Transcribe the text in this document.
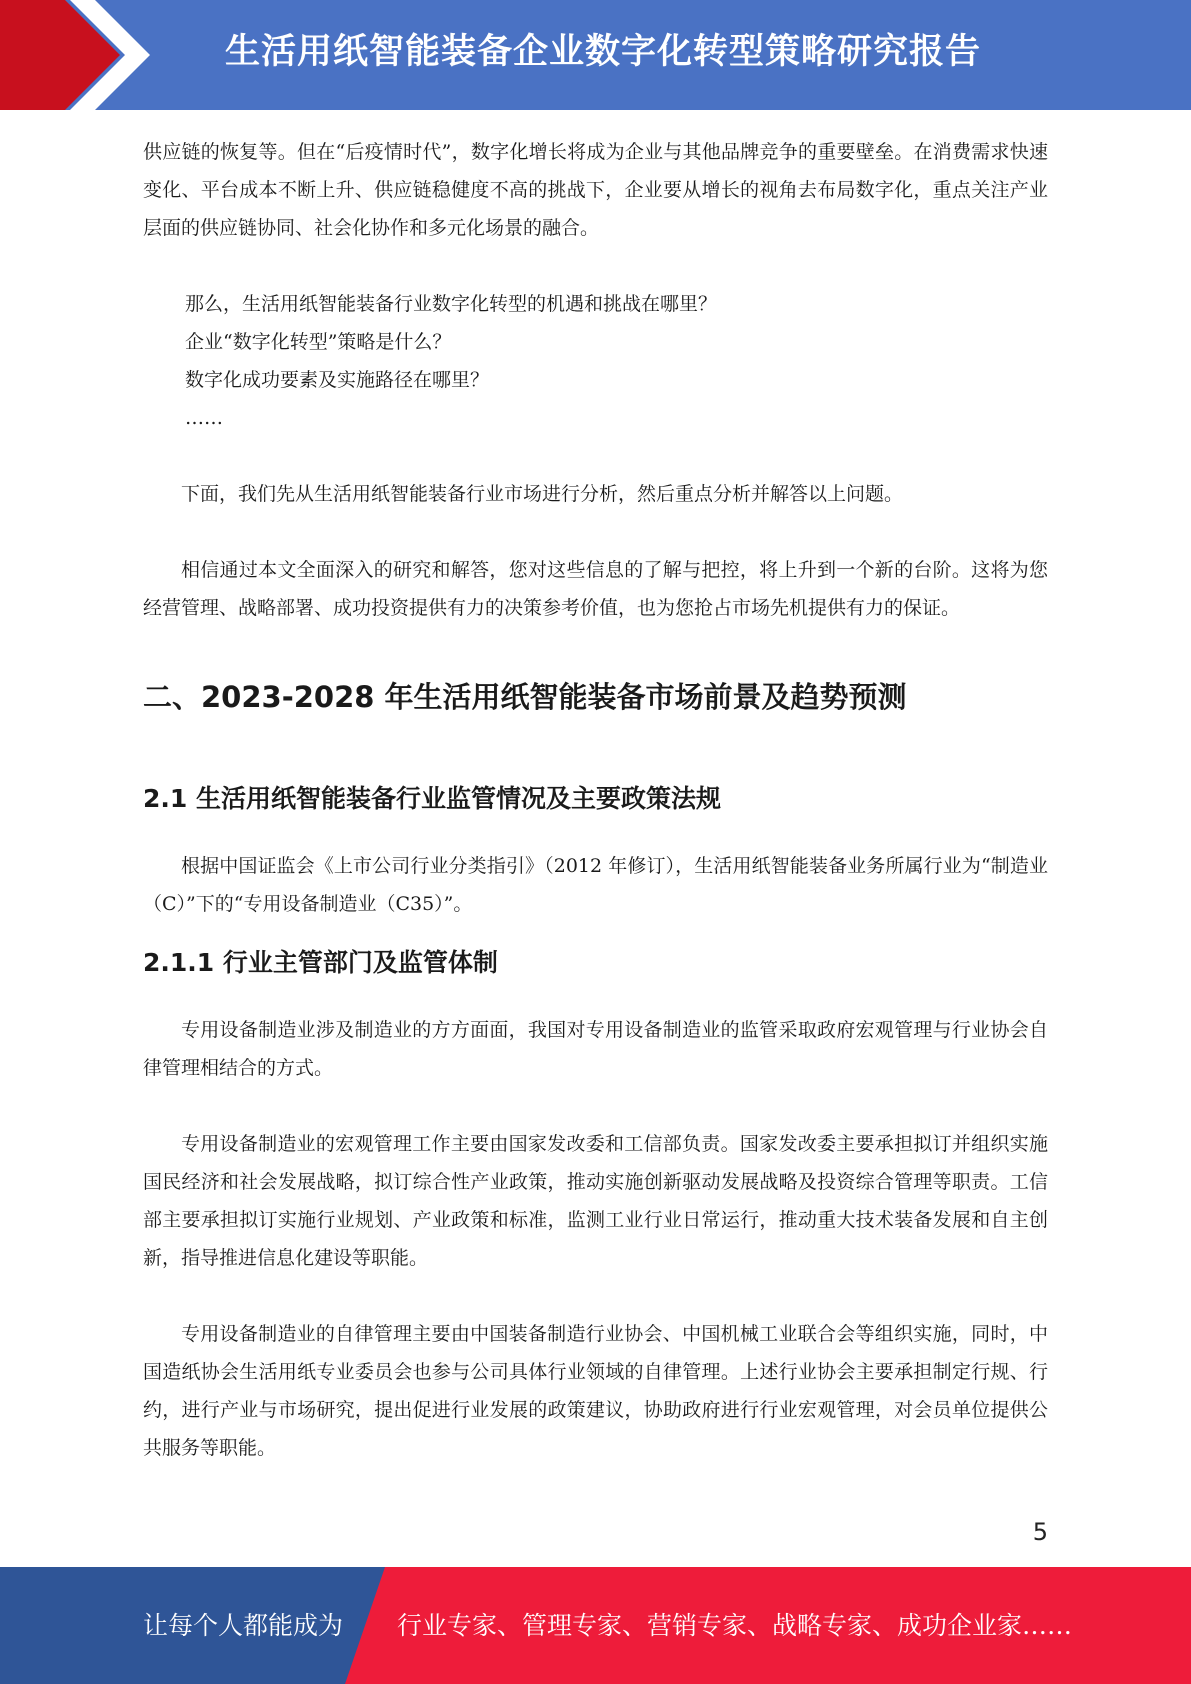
生活用纸智能装备企业数字化转型策略研究报告

供应链的恢复等。但在“后疫情时代”，数字化增长将成为企业与其他品牌竞争的重要壁垒。在消费需求快速变化、平台成本不断上升、供应链稳健度不高的挑战下，企业要从增长的视角去布局数字化，重点关注产业层面的供应链协同、社会化协作和多元化场景的融合。

那么，生活用纸智能装备行业数字化转型的机遇和挑战在哪里？
企业“数字化转型”策略是什么？
数字化成功要素及实施路径在哪里？
……

下面，我们先从生活用纸智能装备行业市场进行分析，然后重点分析并解答以上问题。

相信通过本文全面深入的研究和解答，您对这些信息的了解与把控，将上升到一个新的台阶。这将为您经营管理、战略部署、成功投资提供有力的决策参考价值，也为您抢占市场先机提供有力的保证。

二、2023-2028 年生活用纸智能装备市场前景及趋势预测
2.1 生活用纸智能装备行业监管情况及主要政策法规

根据中国证监会《上市公司行业分类指引》（2012 年修订），生活用纸智能装备业务所属行业为“制造业（C）”下的“专用设备制造业（C35）”。

2.1.1 行业主管部门及监管体制

专用设备制造业涉及制造业的方方面面，我国对专用设备制造业的监管采取政府宏观管理与行业协会自律管理相结合的方式。

专用设备制造业的宏观管理工作主要由国家发改委和工信部负责。国家发改委主要承担拟订并组织实施国民经济和社会发展战略，拟订综合性产业政策，推动实施创新驱动发展战略及投资综合管理等职责。工信部主要承担拟订实施行业规划、产业政策和标准，监测工业行业日常运行，推动重大技术装备发展和自主创新，指导推进信息化建设等职能。

专用设备制造业的自律管理主要由中国装备制造行业协会、中国机械工业联合会等组织实施，同时，中国造纸协会生活用纸专业委员会也参与公司具体行业领域的自律管理。上述行业协会主要承担制定行规、行约，进行产业与市场研究，提出促进行业发展的政策建议，协助政府进行行业宏观管理，对会员单位提供公共服务等职能。

5
让每个人都能成为 行业专家、管理专家、营销专家、战略专家、成功企业家……
